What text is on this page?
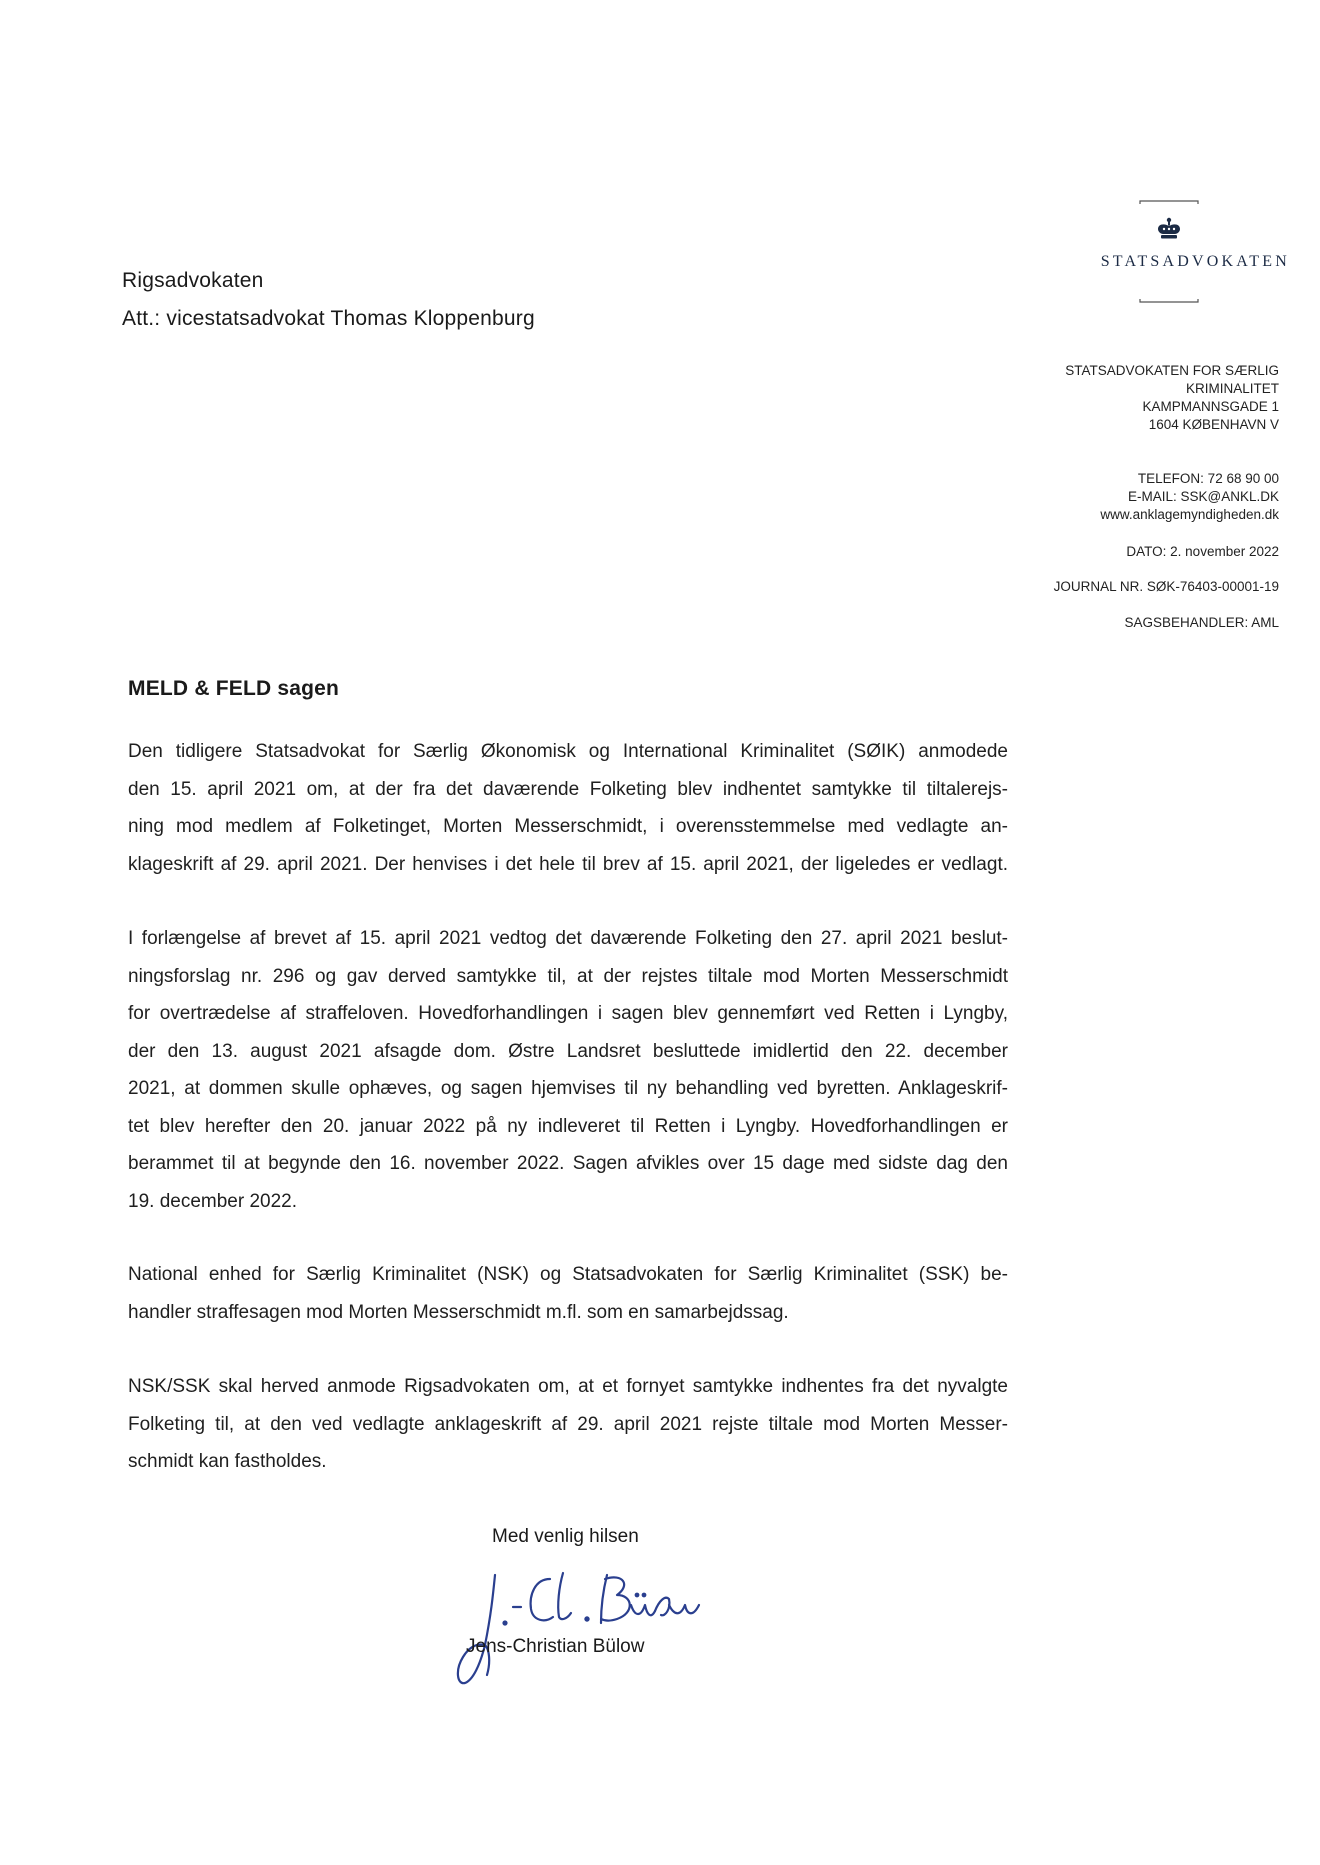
Rigsadvokaten
Att.: vicestatsadvokat Thomas Kloppenburg
STATSADVOKATEN
STATSADVOKATEN FOR SÆRLIG
KRIMINALITET
KAMPMANNSGADE 1
1604 KØBENHAVN V
TELEFON: 72 68 90 00
E-MAIL: SSK@ANKL.DK
www.anklagemyndigheden.dk
DATO: 2. november 2022
JOURNAL NR. SØK-76403-00001-19
SAGSBEHANDLER: AML
MELD & FELD sagen
Den tidligere Statsadvokat for Særlig Økonomisk og International Kriminalitet (SØIK) anmodede
den 15. april 2021 om, at der fra det daværende Folketing blev indhentet samtykke til tiltalerejs-
ning mod medlem af Folketinget, Morten Messerschmidt, i overensstemmelse med vedlagte an-
klageskrift af 29. april 2021. Der henvises i det hele til brev af 15. april 2021, der ligeledes er vedlagt.
I forlængelse af brevet af 15. april 2021 vedtog det daværende Folketing den 27. april 2021 beslut-
ningsforslag nr. 296 og gav derved samtykke til, at der rejstes tiltale mod Morten Messerschmidt
for overtrædelse af straffeloven. Hovedforhandlingen i sagen blev gennemført ved Retten i Lyngby,
der den 13. august 2021 afsagde dom. Østre Landsret besluttede imidlertid den 22. december
2021, at dommen skulle ophæves, og sagen hjemvises til ny behandling ved byretten. Anklageskrif-
tet blev herefter den 20. januar 2022 på ny indleveret til Retten i Lyngby. Hovedforhandlingen er
berammet til at begynde den 16. november 2022. Sagen afvikles over 15 dage med sidste dag den
19. december 2022.
National enhed for Særlig Kriminalitet (NSK) og Statsadvokaten for Særlig Kriminalitet (SSK) be-
handler straffesagen mod Morten Messerschmidt m.fl. som en samarbejdssag.
NSK/SSK skal herved anmode Rigsadvokaten om, at et fornyet samtykke indhentes fra det nyvalgte
Folketing til, at den ved vedlagte anklageskrift af 29. april 2021 rejste tiltale mod Morten Messer-
schmidt kan fastholdes.
Med venlig hilsen
Jens-Christian Bülow
